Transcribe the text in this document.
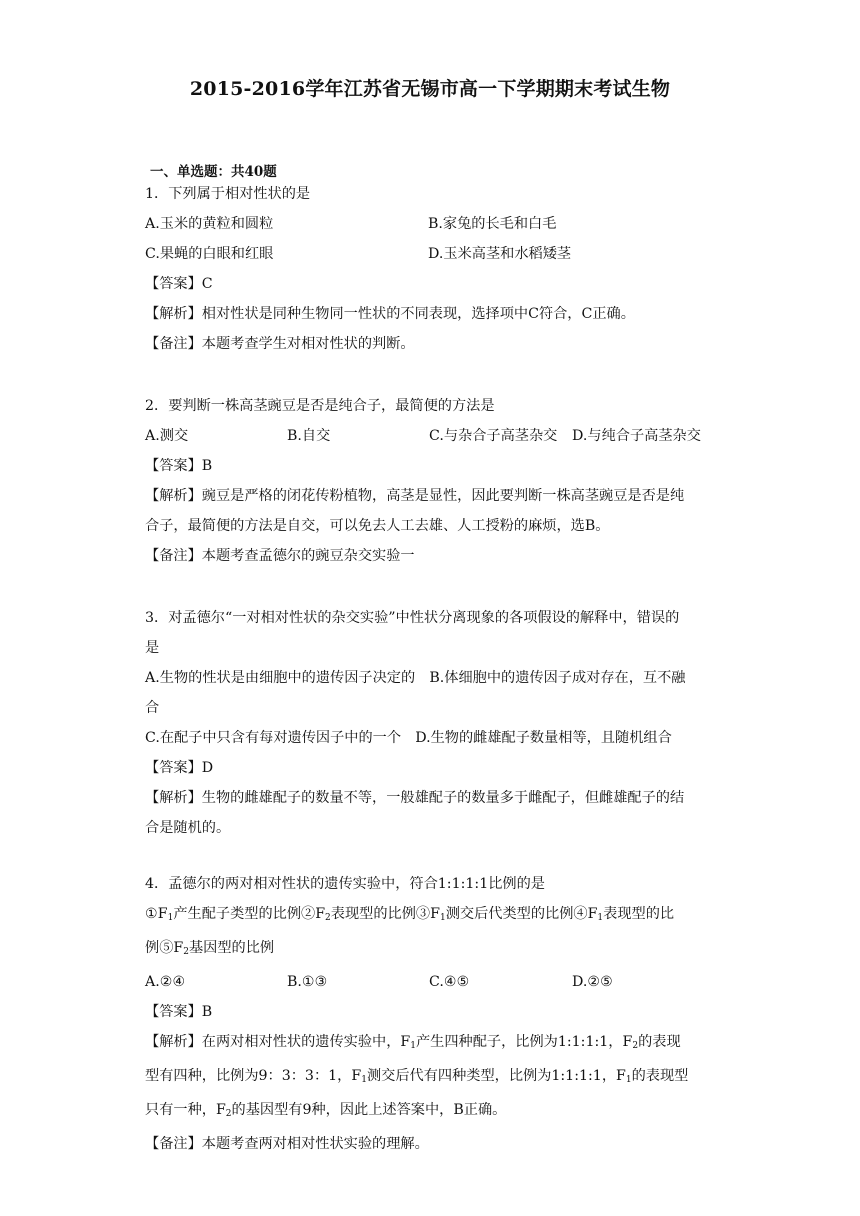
2015-2016学年江苏省无锡市高一下学期期末考试生物
一、单选题：共40题
1．下列属于相对性状的是
A.玉米的黄粒和圆粒	B.家兔的长毛和白毛
C.果蝇的白眼和红眼	D.玉米高茎和水稻矮茎
【答案】C
【解析】相对性状是同种生物同一性状的不同表现，选择项中C符合，C正确。
【备注】本题考查学生对相对性状的判断。
2．要判断一株高茎豌豆是否是纯合子，最简便的方法是
A.测交	B.自交	C.与杂合子高茎杂交	D.与纯合子高茎杂交
【答案】B
【解析】豌豆是严格的闭花传粉植物，高茎是显性，因此要判断一株高茎豌豆是否是纯
合子，最简便的方法是自交，可以免去人工去雄、人工授粉的麻烦，选B。
【备注】本题考查孟德尔的豌豆杂交实验一
3．对孟德尔“一对相对性状的杂交实验”中性状分离现象的各项假设的解释中，错误的
是
A.生物的性状是由细胞中的遗传因子决定的　B.体细胞中的遗传因子成对存在，互不融
合
C.在配子中只含有每对遗传因子中的一个　D.生物的雌雄配子数量相等，且随机组合
【答案】D
【解析】生物的雌雄配子的数量不等，一般雄配子的数量多于雌配子，但雌雄配子的结
合是随机的。
4．孟德尔的两对相对性状的遗传实验中，符合1:1:1:1比例的是
$①F_1$产生配子类型的比例$②F_2$表现型的比例$③F_1$测交后代类型的比例$④F_1$表现型的比
例$⑤F_2$基因型的比例
A.②④	B.①③	C.④⑤	D.②⑤
【答案】B
【解析】在两对相对性状的遗传实验中，$F_1$产生四种配子，比例为1:1:1:1，$F_2$的表现
型有四种，比例为9：3：3：1，$F_1$测交后代有四种类型，比例为1:1:1:1，$F_1$的表现型
只有一种，$F_2$的基因型有9种，因此上述答案中，B正确。
【备注】本题考查两对相对性状实验的理解。
